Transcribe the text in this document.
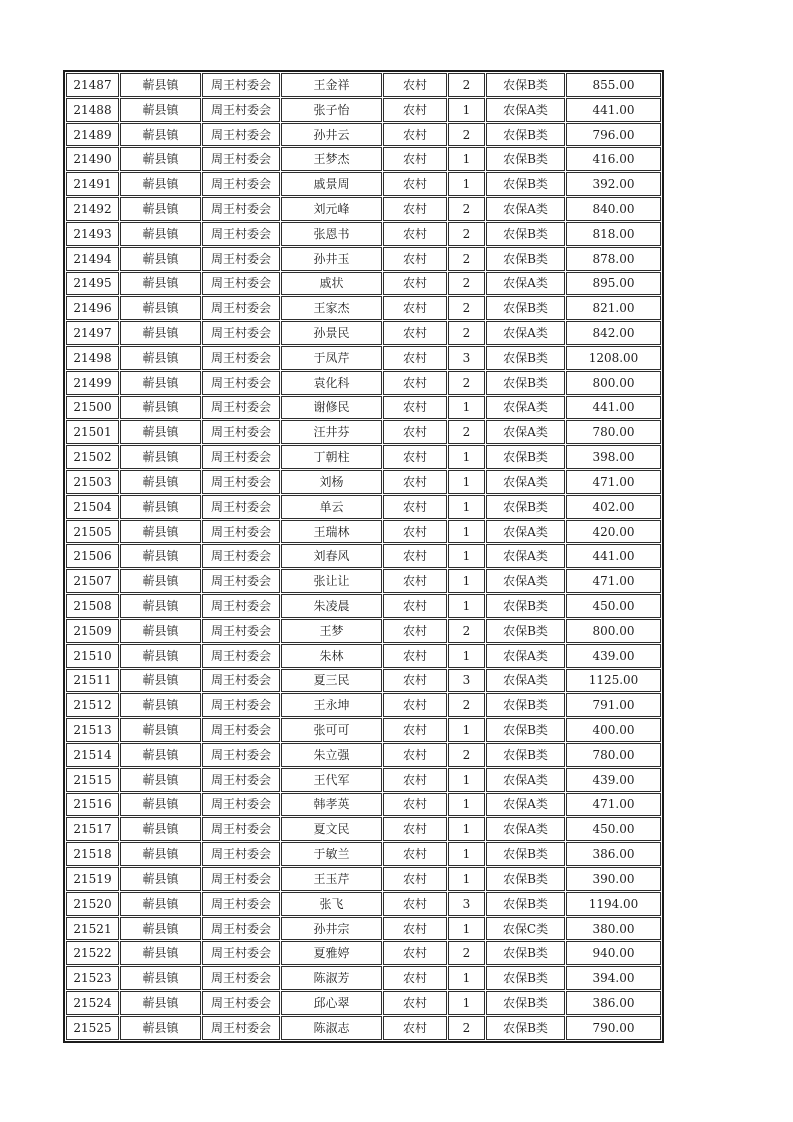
21487	蕲县镇	周王村委会	王金祥	农村	2	农保B类	855.00
21488	蕲县镇	周王村委会	张子怡	农村	1	农保A类	441.00
21489	蕲县镇	周王村委会	孙井云	农村	2	农保B类	796.00
21490	蕲县镇	周王村委会	王梦杰	农村	1	农保B类	416.00
21491	蕲县镇	周王村委会	戚景周	农村	1	农保B类	392.00
21492	蕲县镇	周王村委会	刘元峰	农村	2	农保A类	840.00
21493	蕲县镇	周王村委会	张恩书	农村	2	农保B类	818.00
21494	蕲县镇	周王村委会	孙井玉	农村	2	农保B类	878.00
21495	蕲县镇	周王村委会	戚状	农村	2	农保A类	895.00
21496	蕲县镇	周王村委会	王家杰	农村	2	农保B类	821.00
21497	蕲县镇	周王村委会	孙景民	农村	2	农保A类	842.00
21498	蕲县镇	周王村委会	于凤芹	农村	3	农保B类	1208.00
21499	蕲县镇	周王村委会	袁化科	农村	2	农保B类	800.00
21500	蕲县镇	周王村委会	谢修民	农村	1	农保A类	441.00
21501	蕲县镇	周王村委会	汪井芬	农村	2	农保A类	780.00
21502	蕲县镇	周王村委会	丁朝柱	农村	1	农保B类	398.00
21503	蕲县镇	周王村委会	刘杨	农村	1	农保A类	471.00
21504	蕲县镇	周王村委会	单云	农村	1	农保B类	402.00
21505	蕲县镇	周王村委会	王瑞林	农村	1	农保A类	420.00
21506	蕲县镇	周王村委会	刘春风	农村	1	农保A类	441.00
21507	蕲县镇	周王村委会	张让让	农村	1	农保A类	471.00
21508	蕲县镇	周王村委会	朱凌晨	农村	1	农保B类	450.00
21509	蕲县镇	周王村委会	王梦	农村	2	农保B类	800.00
21510	蕲县镇	周王村委会	朱林	农村	1	农保A类	439.00
21511	蕲县镇	周王村委会	夏三民	农村	3	农保A类	1125.00
21512	蕲县镇	周王村委会	王永坤	农村	2	农保B类	791.00
21513	蕲县镇	周王村委会	张可可	农村	1	农保B类	400.00
21514	蕲县镇	周王村委会	朱立强	农村	2	农保B类	780.00
21515	蕲县镇	周王村委会	王代军	农村	1	农保A类	439.00
21516	蕲县镇	周王村委会	韩孝英	农村	1	农保A类	471.00
21517	蕲县镇	周王村委会	夏文民	农村	1	农保A类	450.00
21518	蕲县镇	周王村委会	于敏兰	农村	1	农保B类	386.00
21519	蕲县镇	周王村委会	王玉芹	农村	1	农保B类	390.00
21520	蕲县镇	周王村委会	张飞	农村	3	农保B类	1194.00
21521	蕲县镇	周王村委会	孙井宗	农村	1	农保C类	380.00
21522	蕲县镇	周王村委会	夏雅婷	农村	2	农保B类	940.00
21523	蕲县镇	周王村委会	陈淑芳	农村	1	农保B类	394.00
21524	蕲县镇	周王村委会	邱心翠	农村	1	农保B类	386.00
21525	蕲县镇	周王村委会	陈淑志	农村	2	农保B类	790.00
